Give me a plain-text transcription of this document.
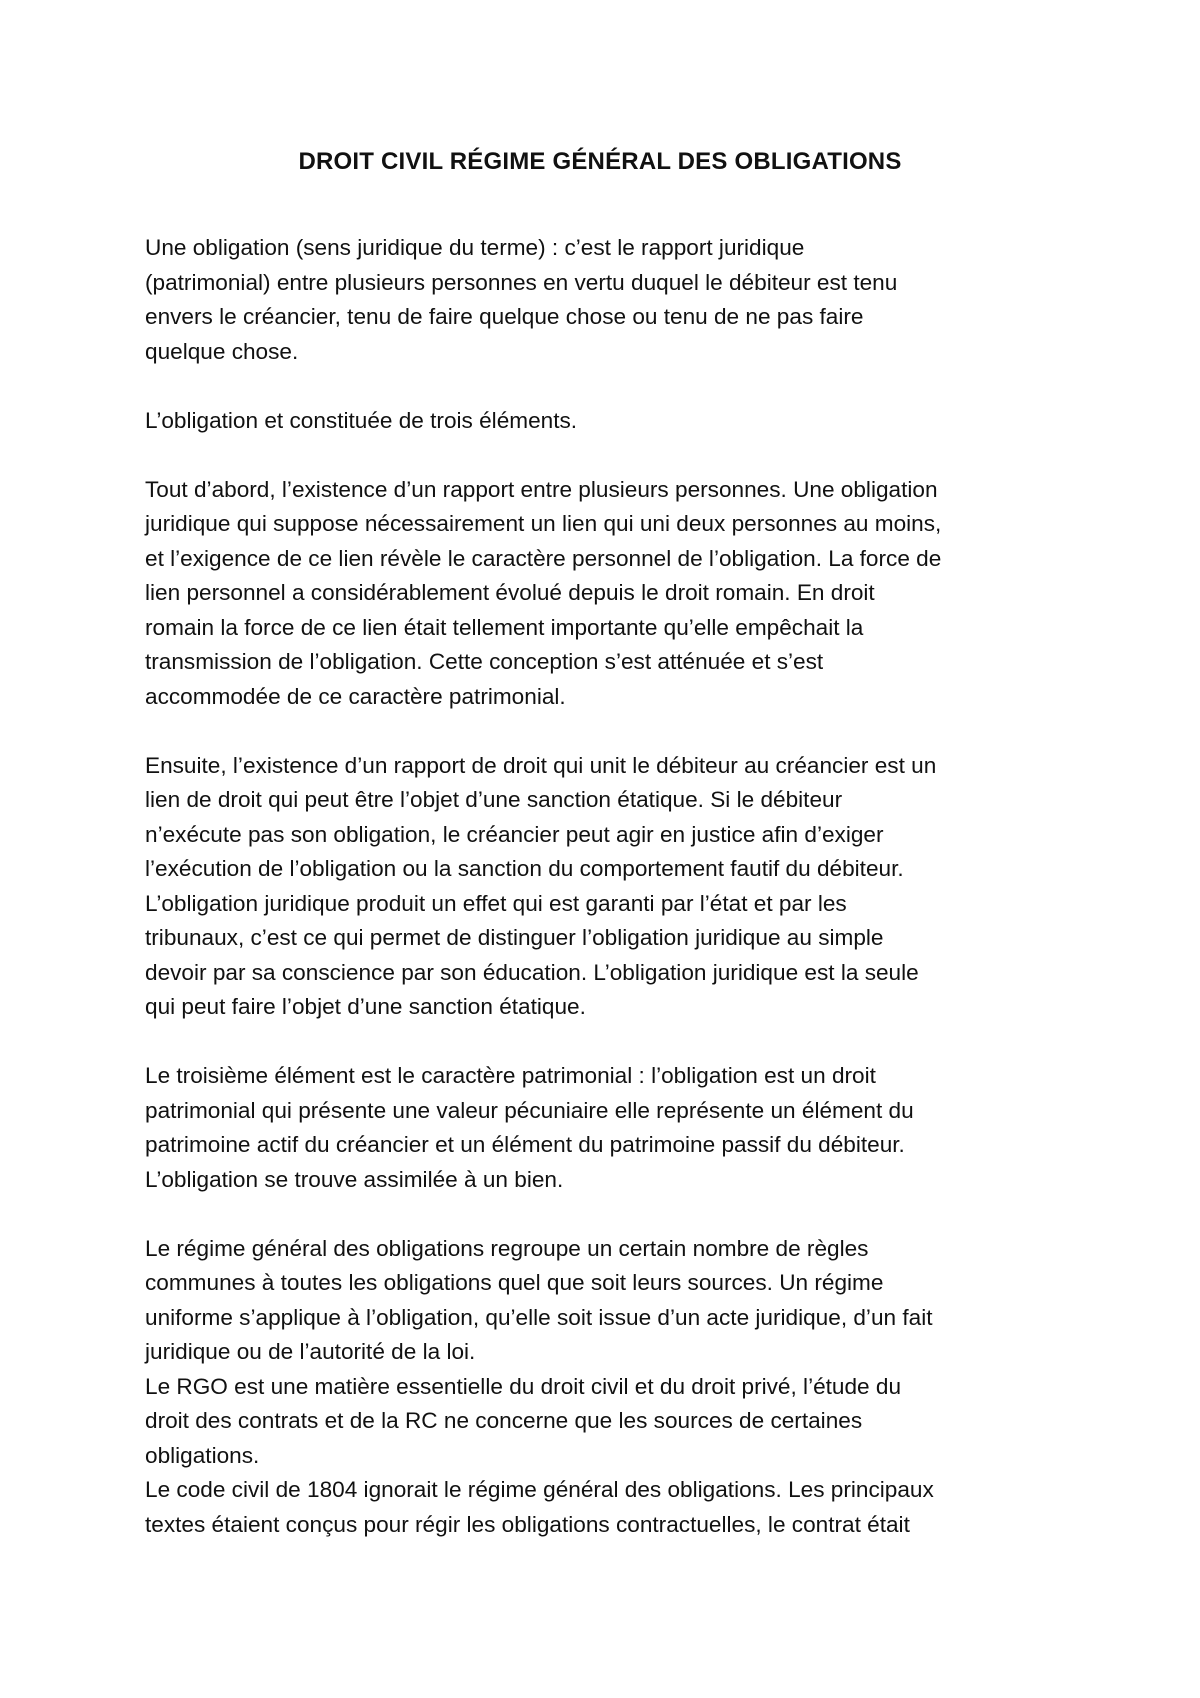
DROIT CIVIL RÉGIME GÉNÉRAL DES OBLIGATIONS

Une obligation (sens juridique du terme) : c’est le rapport juridique
(patrimonial) entre plusieurs personnes en vertu duquel le débiteur est tenu
envers le créancier, tenu de faire quelque chose ou tenu de ne pas faire
quelque chose.

L’obligation et constituée de trois éléments.

Tout d’abord, l’existence d’un rapport entre plusieurs personnes. Une obligation
juridique qui suppose nécessairement un lien qui uni deux personnes au moins,
et l’exigence de ce lien révèle le caractère personnel de l’obligation. La force de
lien personnel a considérablement évolué depuis le droit romain. En droit
romain la force de ce lien était tellement importante qu’elle empêchait la
transmission de l’obligation. Cette conception s’est atténuée et s’est
accommodée de ce caractère patrimonial.

Ensuite, l’existence d’un rapport de droit qui unit le débiteur au créancier est un
lien de droit qui peut être l’objet d’une sanction étatique. Si le débiteur
n’exécute pas son obligation, le créancier peut agir en justice afin d’exiger
l’exécution de l’obligation ou la sanction du comportement fautif du débiteur.
L’obligation juridique produit un effet qui est garanti par l’état et par les
tribunaux, c’est ce qui permet de distinguer l’obligation juridique au simple
devoir par sa conscience par son éducation. L’obligation juridique est la seule
qui peut faire l’objet d’une sanction étatique.

Le troisième élément est le caractère patrimonial : l’obligation est un droit
patrimonial qui présente une valeur pécuniaire elle représente un élément du
patrimoine actif du créancier et un élément du patrimoine passif du débiteur.
L’obligation se trouve assimilée à un bien.

Le régime général des obligations regroupe un certain nombre de règles
communes à toutes les obligations quel que soit leurs sources. Un régime
uniforme s’applique à l’obligation, qu’elle soit issue d’un acte juridique, d’un fait
juridique ou de l’autorité de la loi.
Le RGO est une matière essentielle du droit civil et du droit privé, l’étude du
droit des contrats et de la RC ne concerne que les sources de certaines
obligations.
Le code civil de 1804 ignorait le régime général des obligations. Les principaux
textes étaient conçus pour régir les obligations contractuelles, le contrat était
